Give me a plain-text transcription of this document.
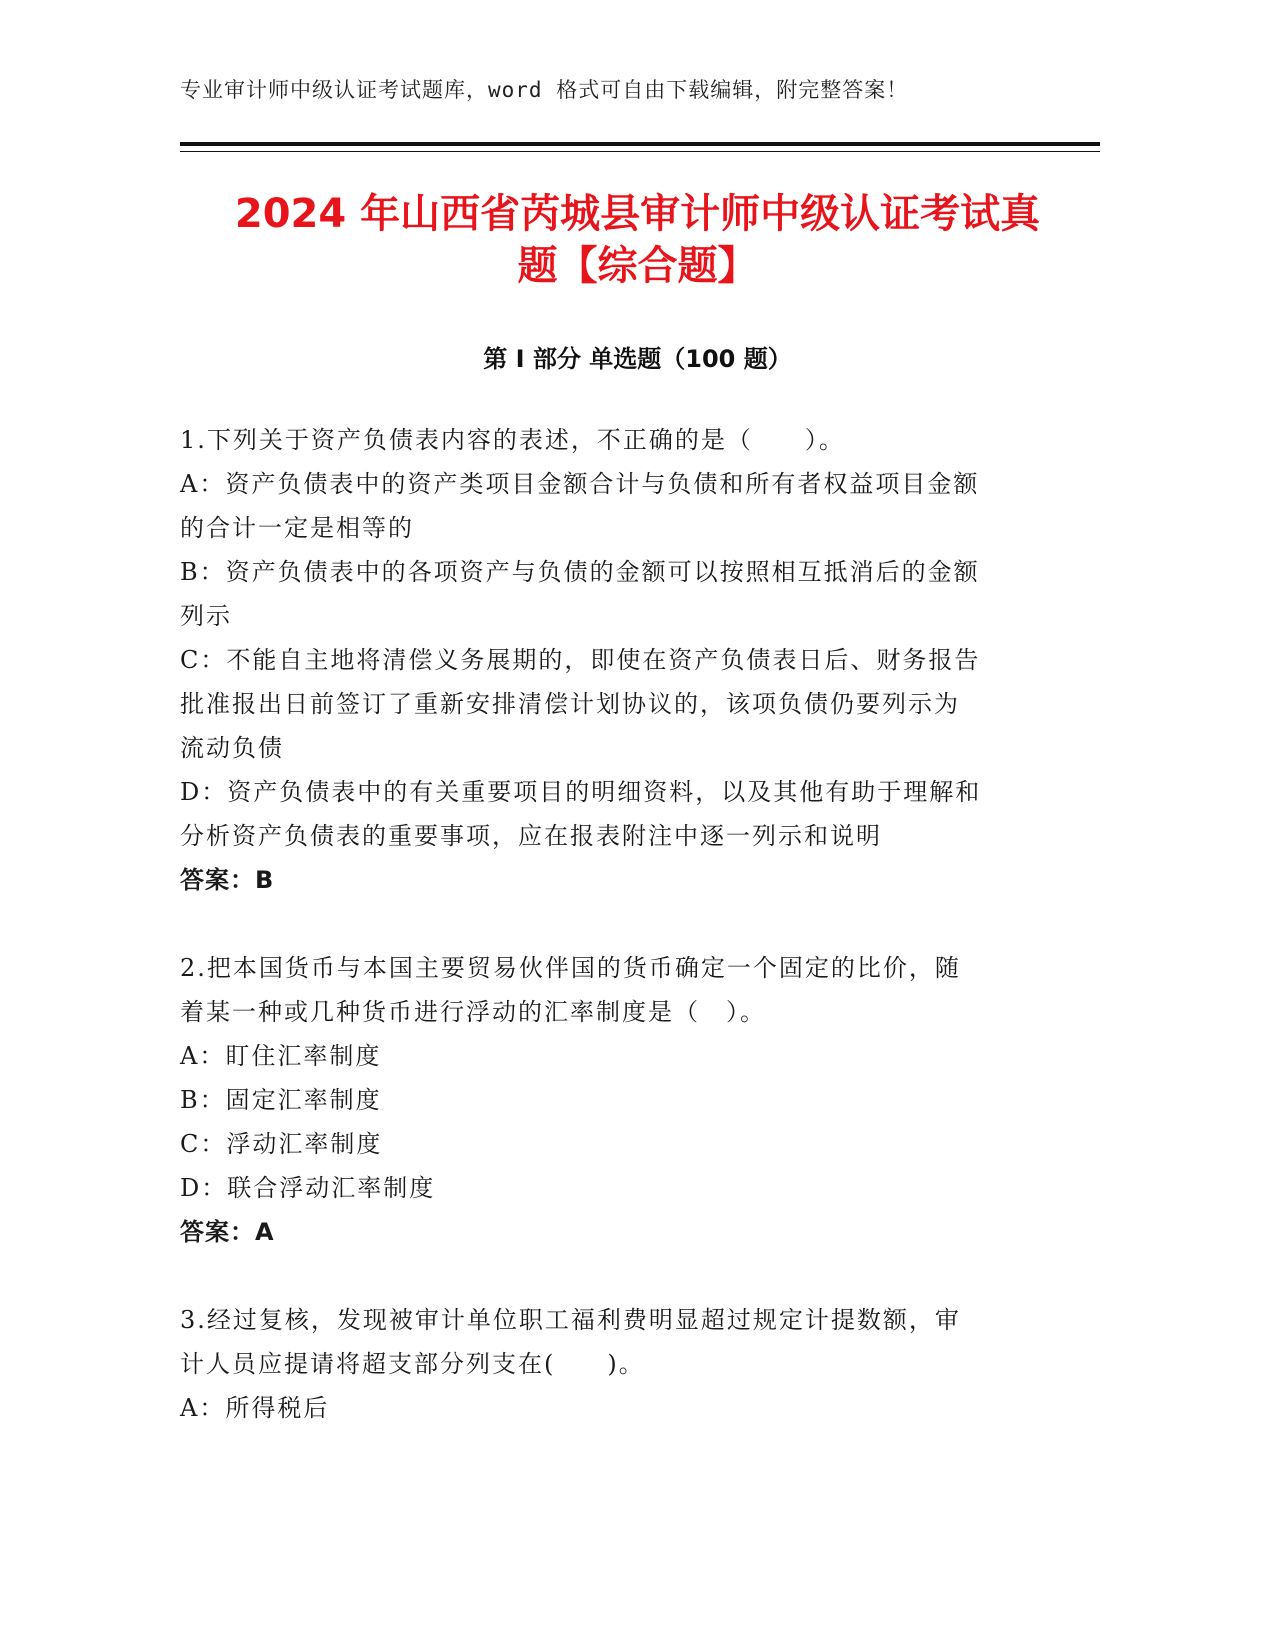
专业审计师中级认证考试题库，word 格式可自由下载编辑，附完整答案！
2024 年山西省芮城县审计师中级认证考试真
题【综合题】
第 I 部分 单选题（100 题）

1.下列关于资产负债表内容的表述，不正确的是（　　）。

A：资产负债表中的资产类项目金额合计与负债和所有者权益项目金额

的合计一定是相等的

B：资产负债表中的各项资产与负债的金额可以按照相互抵消后的金额

列示

C：不能自主地将清偿义务展期的，即使在资产负债表日后、财务报告

批准报出日前签订了重新安排清偿计划协议的，该项负债仍要列示为

流动负债

D：资产负债表中的有关重要项目的明细资料，以及其他有助于理解和

分析资产负债表的重要事项，应在报表附注中逐一列示和说明

答案：B

2.把本国货币与本国主要贸易伙伴国的货币确定一个固定的比价，随

着某一种或几种货币进行浮动的汇率制度是（　）。

A：盯住汇率制度

B：固定汇率制度

C：浮动汇率制度

D：联合浮动汇率制度

答案：A

3.经过复核，发现被审计单位职工福利费明显超过规定计提数额，审

计人员应提请将超支部分列支在(　　)。

A：所得税后
